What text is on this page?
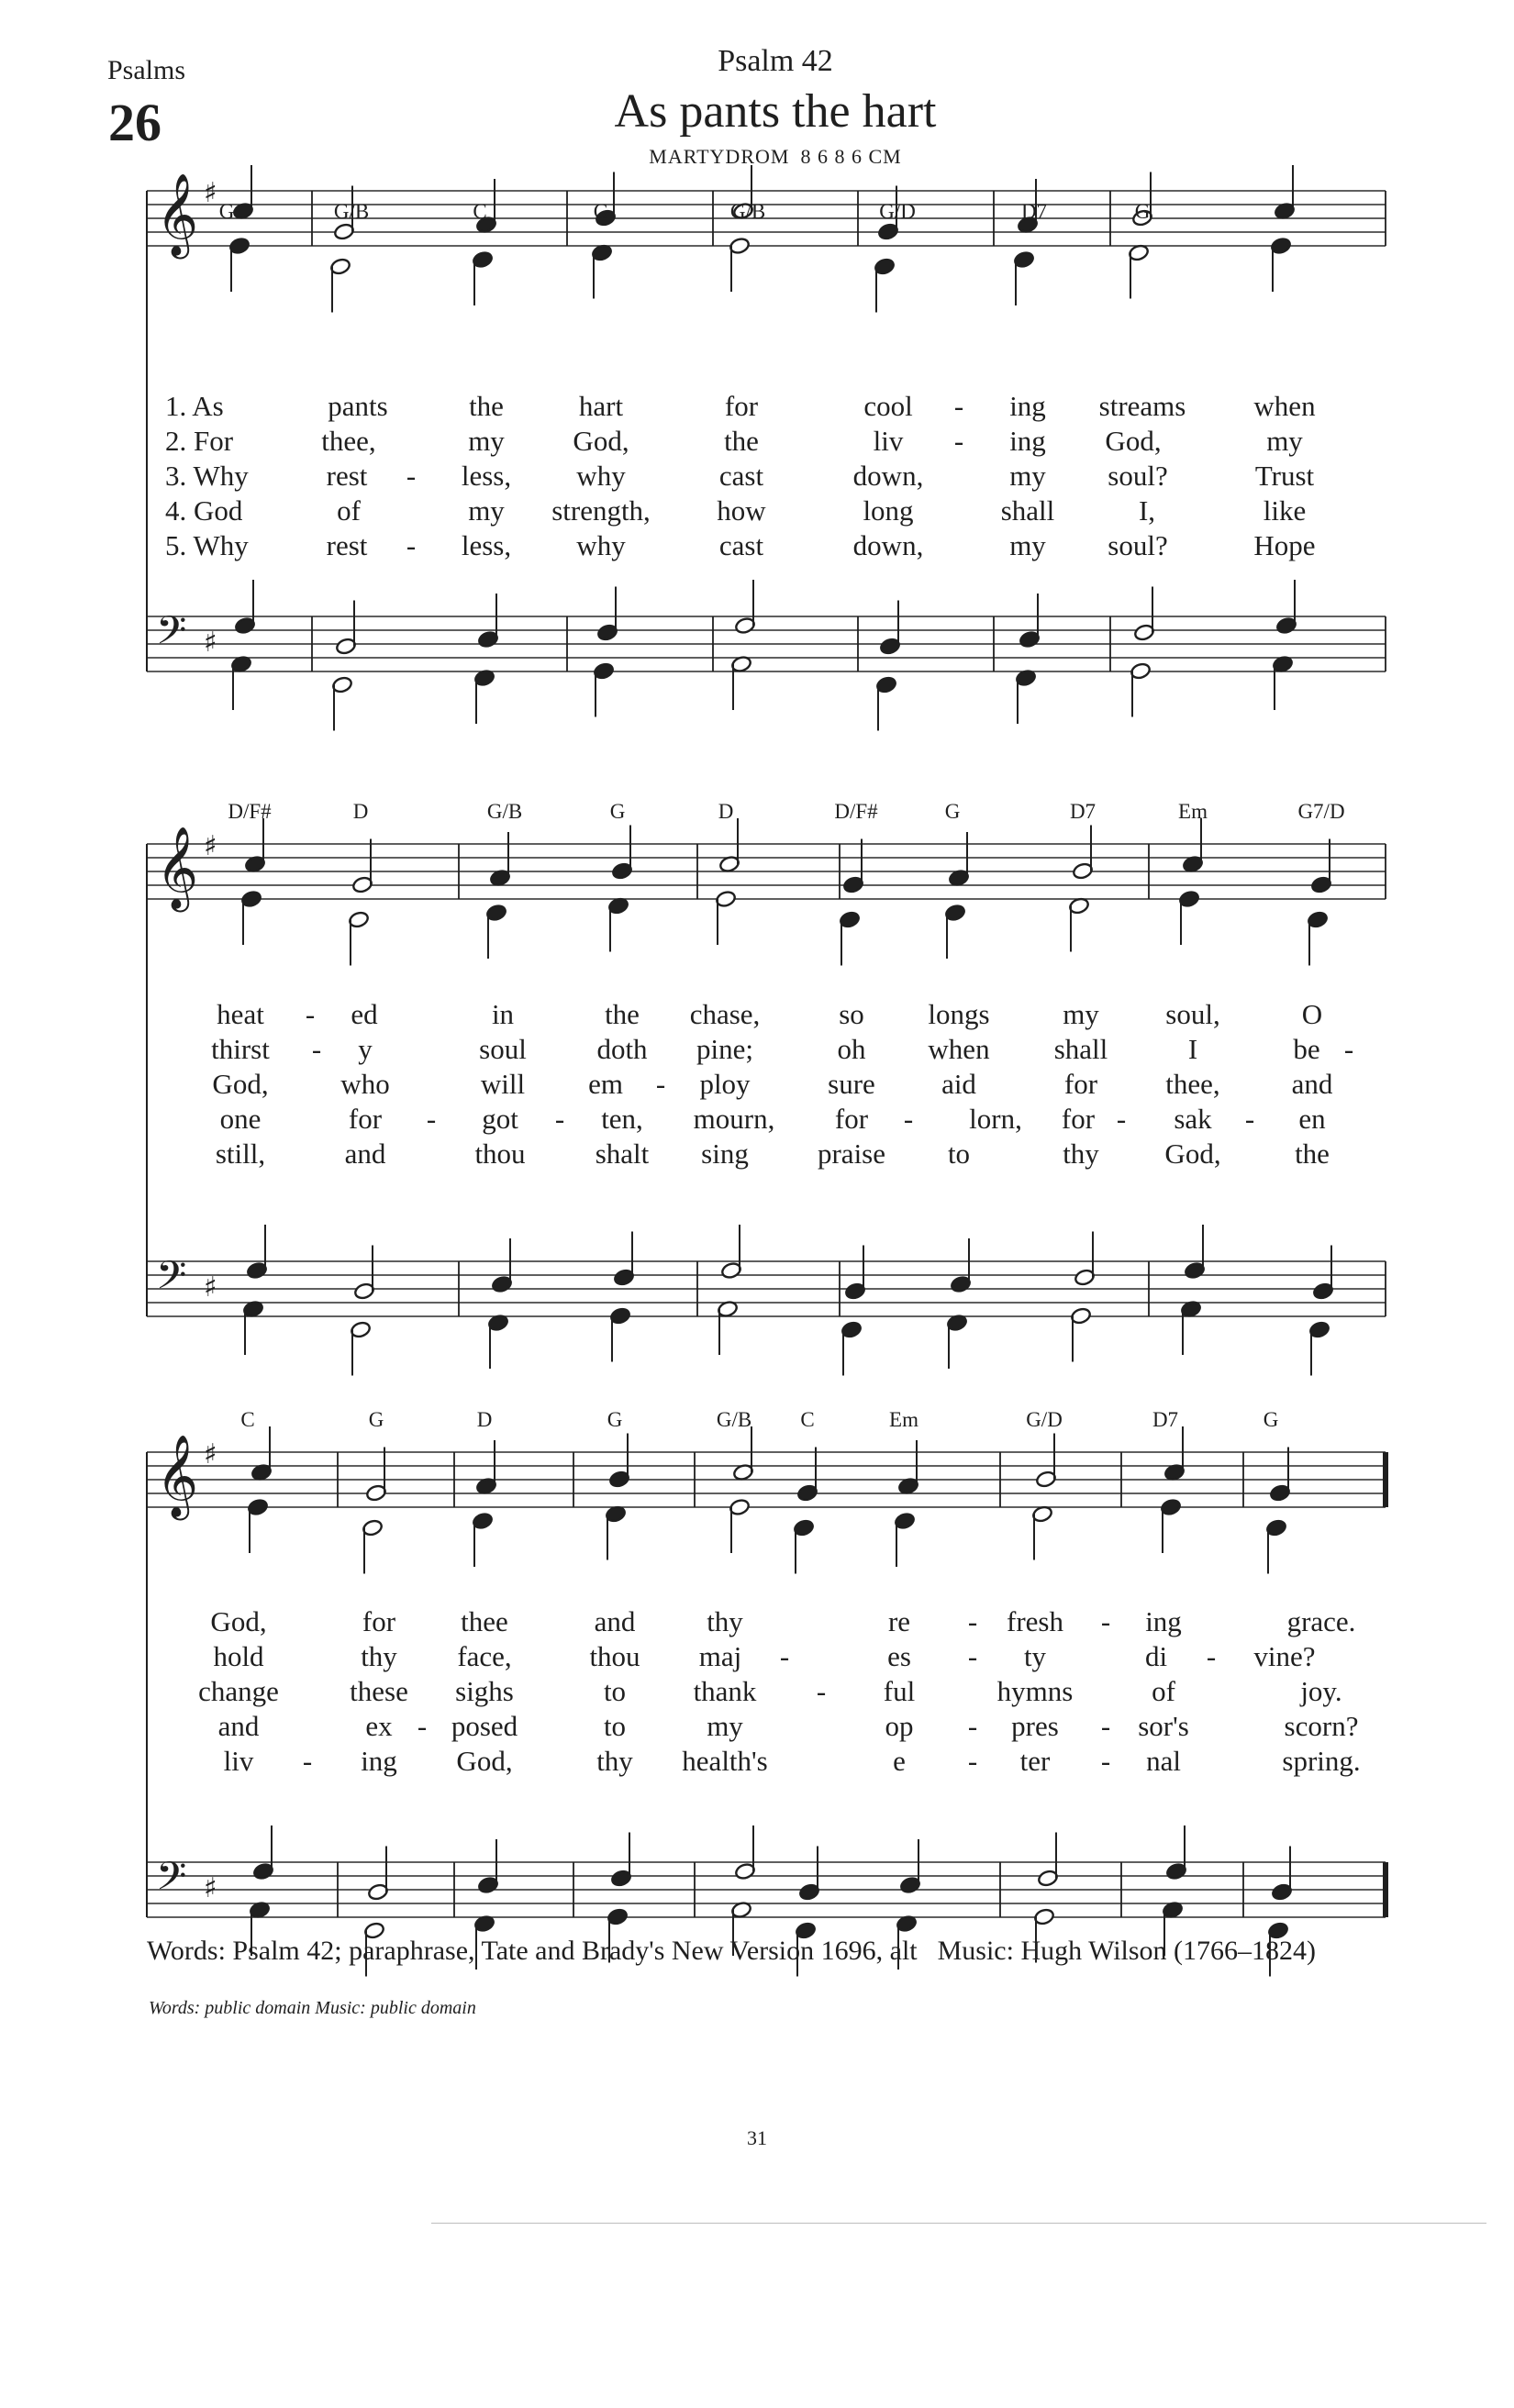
Psalms
26
Psalm 42
As pants the hart
MARTYDROM 8 6 8 6 CM
𝄞 ♯
𝄢 ♯
G	G/B	C	G	G/B	G/D	D7	G
1. As	pants	the	hart	for	cool - ing streams when
2. For	thee,	my God,	the	liv - ing God,	my
3. Why	rest - less, why	cast	down,	my soul?	Trust
4. God	of	my strength, how	long	shall	I,	like
5. Why	rest - less, why	cast	down,	my soul?	Hope
𝄞 ♯
𝄢 ♯
D/F#	D	G/B	G	D	D/F#	G	D7	Em	G7/D
heat - ed	in	the chase,	so longs	my soul,	O
thirst - y	soul doth pine;	oh when shall	I	be -
God,	who	will em - ploy	sure aid	for thee,	and
one	for - got - ten, mourn, for - lorn, for - sak - en
still,	and	thou shalt sing praise to	thy God,	the
𝄞 ♯
𝄢 ♯
C	G	D	G	G/B C	Em	G/D	D7	G
God,	for thee	and	thy	re - fresh - ing	grace.
hold	thy face,	thou maj -	es - ty	di - vine?
change these sighs	to thank - ful	hymns	of	joy.
and	ex - posed	to	my	op - pres - sor's	scorn?
liv - ing God,	thy health's	e - ter - nal	spring.
Words: Psalm 42; paraphrase, Tate and Brady's New Version 1696, alt Music: Hugh Wilson (1766–1824)
Words: public domain Music: public domain
31
